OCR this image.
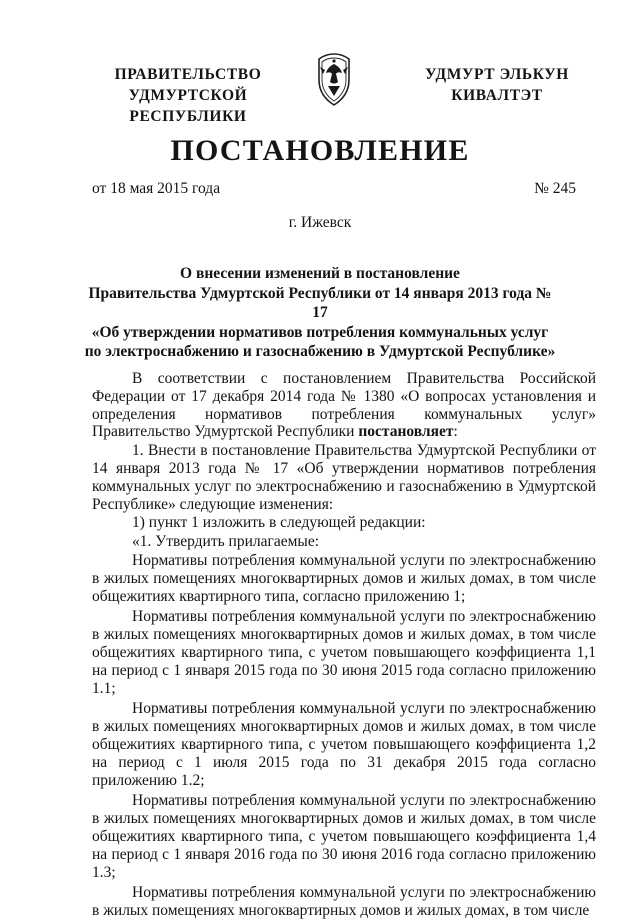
ПРАВИТЕЛЬСТВО
УДМУРТСКОЙ РЕСПУБЛИКИ
УДМУРТ ЭЛЬКУН
КИВАЛТЭТ
ПОСТАНОВЛЕНИЕ
от 18 мая 2015 года	№ 245
г. Ижевск
О внесении изменений в постановление
Правительства Удмуртской Республики от 14 января 2013 года № 17
«Об утверждении нормативов потребления коммунальных услуг
по электроснабжению и газоснабжению в Удмуртской Республике»

В соответствии с постановлением Правительства Российской Федерации от 17 декабря 2014 года № 1380 «О вопросах установления и определения нормативов потребления коммунальных услуг» Правительство Удмуртской Республики постановляет:

1. Внести в постановление Правительства Удмуртской Республики от 14 января 2013 года № 17 «Об утверждении нормативов потребления коммунальных услуг по электроснабжению и газоснабжению в Удмуртской Республике» следующие изменения:

1) пункт 1 изложить в следующей редакции:

«1. Утвердить прилагаемые:

Нормативы потребления коммунальной услуги по электроснабжению в жилых помещениях многоквартирных домов и жилых домах, в том числе общежитиях квартирного типа, согласно приложению 1;

Нормативы потребления коммунальной услуги по электроснабжению в жилых помещениях многоквартирных домов и жилых домах, в том числе общежитиях квартирного типа, с учетом повышающего коэффициента 1,1 на период с 1 января 2015 года по 30 июня 2015 года согласно приложению 1.1;

Нормативы потребления коммунальной услуги по электроснабжению в жилых помещениях многоквартирных домов и жилых домах, в том числе общежитиях квартирного типа, с учетом повышающего коэффициента 1,2 на период с 1 июля 2015 года по 31 декабря 2015 года согласно приложению 1.2;

Нормативы потребления коммунальной услуги по электроснабжению в жилых помещениях многоквартирных домов и жилых домах, в том числе общежитиях квартирного типа, с учетом повышающего коэффициента 1,4 на период с 1 января 2016 года по 30 июня 2016 года согласно приложению 1.3;

Нормативы потребления коммунальной услуги по электроснабжению в жилых помещениях многоквартирных домов и жилых домах, в том числе
